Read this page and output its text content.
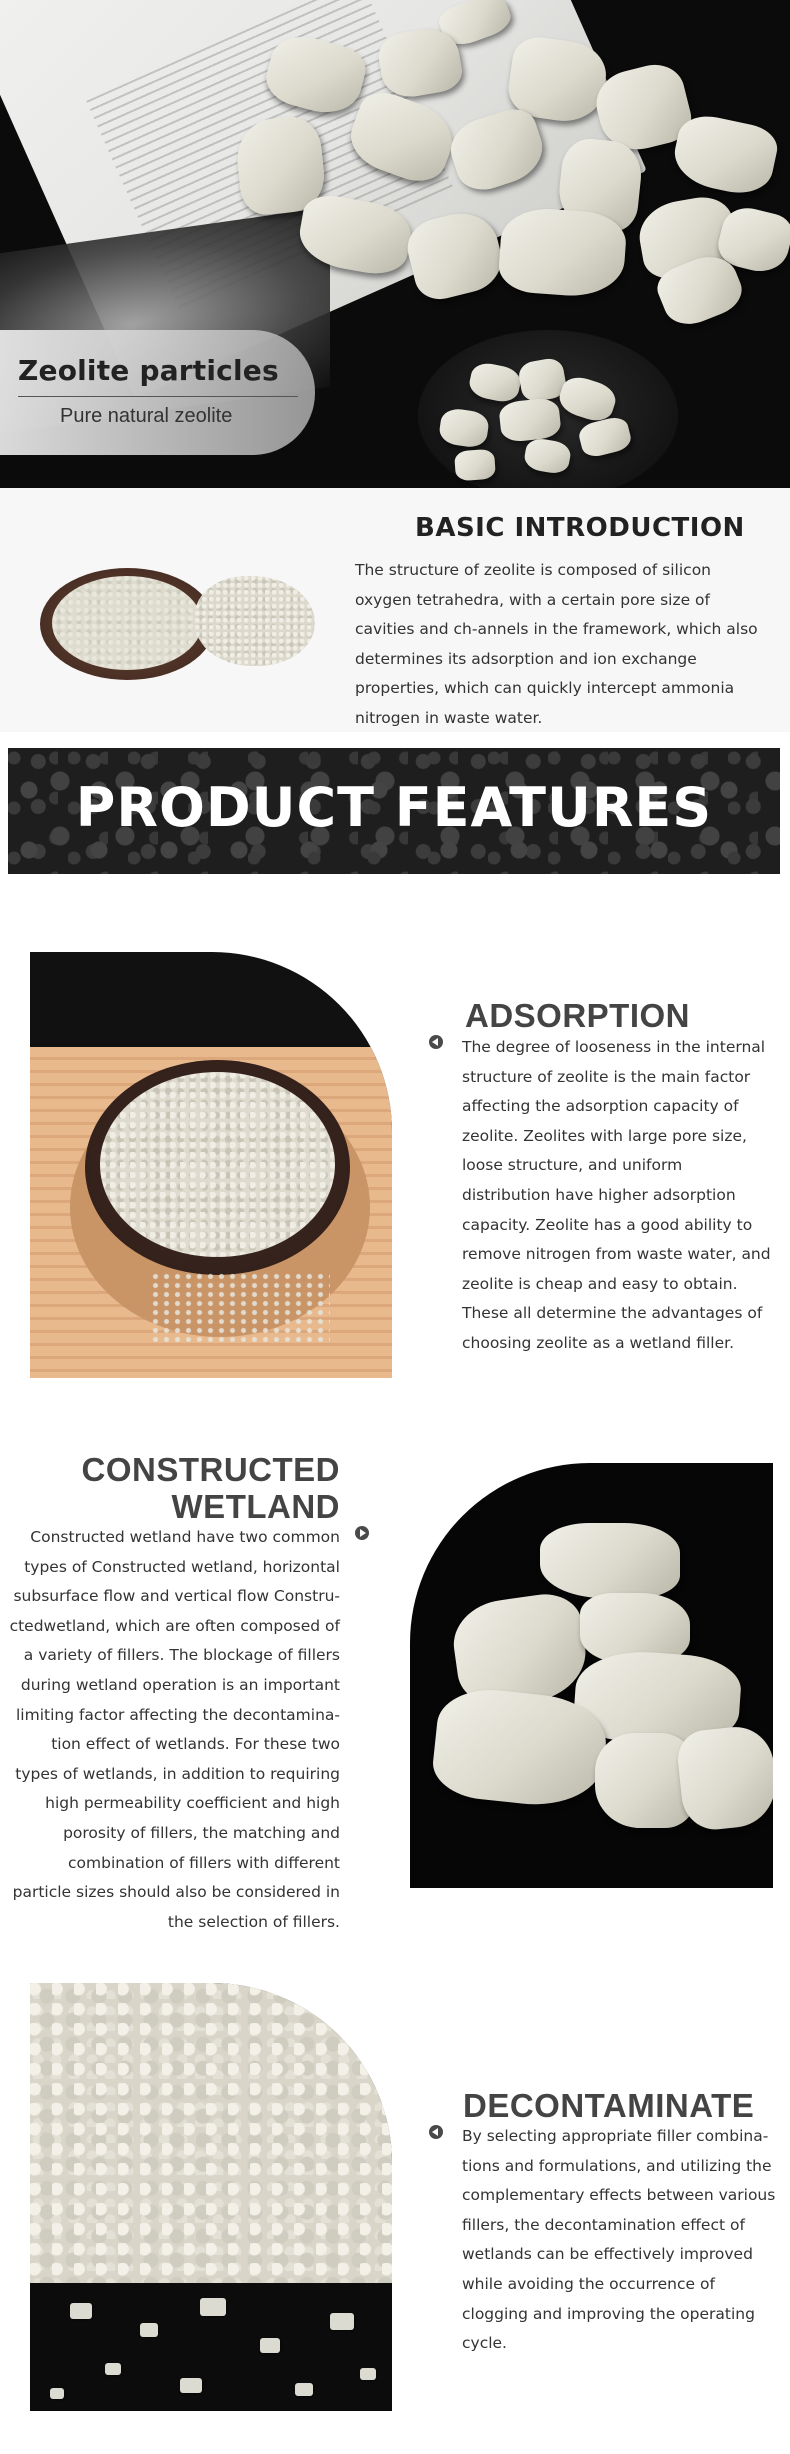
Zeolite particles

Pure natural zeolite

BASIC INTRODUCTION

The structure of zeolite is composed of silicon oxygen tetrahedra, with a certain pore size of cavities and ch-annels in the framework, which also determines its adsorption and ion exchange properties, which can quickly intercept ammonia nitrogen in waste water.

PRODUCT FEATURES
ADSORPTION

The degree of looseness in the internal structure of zeolite is the main factor affecting the adsorption capacity of zeolite. Zeolites with large pore size, loose structure, and uniform distribution have higher adsorption capacity. Zeolite has a good ability to remove nitrogen from waste water, and zeolite is cheap and easy to obtain. These all determine the advantages of choosing zeolite as a wetland filler.

CONSTRUCTED
WETLAND

Constructed wetland have two common types of Constructed wetland, horizontal subsurface flow and vertical flow Constru-ctedwetland, which are often composed of a variety of fillers. The blockage of fillers during wetland operation is an important limiting factor affecting the decontamina-tion effect of wetlands. For these two types of wetlands, in addition to requiring high permeability coefficient and high porosity of fillers, the matching and combination of fillers with different particle sizes should also be considered in the selection of fillers.

DECONTAMINATE

By selecting appropriate filler combina-tions and formulations, and utilizing the complementary effects between various fillers, the decontamination effect of wetlands can be effectively improved while avoiding the occurrence of clogging and improving the operating cycle.
